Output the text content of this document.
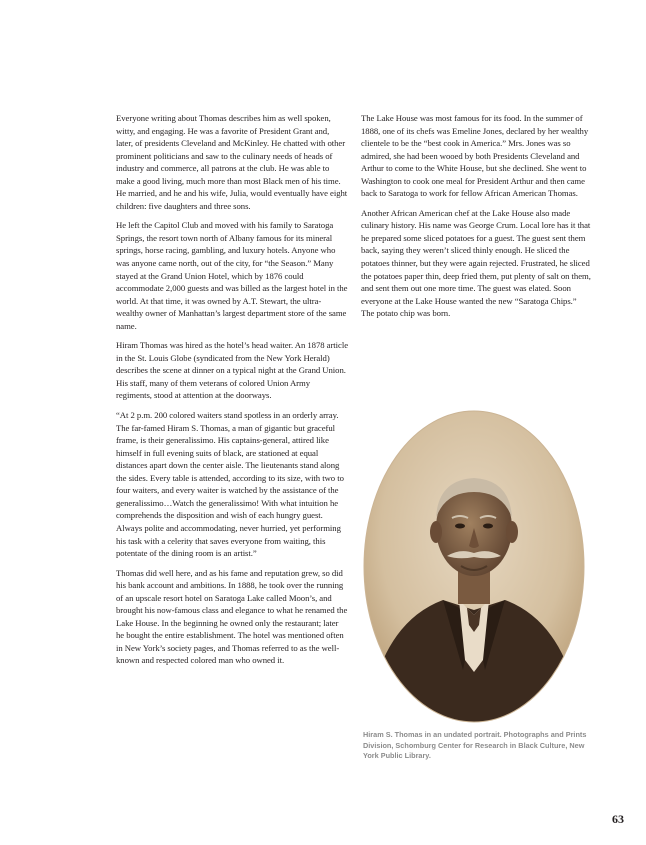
Everyone writing about Thomas describes him as well spoken, witty, and engaging. He was a favorite of President Grant and, later, of presidents Cleveland and McKinley. He chatted with other prominent politicians and saw to the culinary needs of heads of industry and commerce, all patrons at the club. He was able to make a good living, much more than most Black men of his time. He married, and he and his wife, Julia, would eventually have eight children: five daughters and three sons.

He left the Capitol Club and moved with his family to Saratoga Springs, the resort town north of Albany famous for its mineral springs, horse racing, gambling, and luxury hotels. Anyone who was anyone came north, out of the city, for “the Season.” Many stayed at the Grand Union Hotel, which by 1876 could accommodate 2,000 guests and was billed as the largest hotel in the world. At that time, it was owned by A.T. Stewart, the ultra-wealthy owner of Manhattan’s largest department store of the same name.

Hiram Thomas was hired as the hotel’s head waiter. An 1878 article in the St. Louis Globe (syndicated from the New York Herald) describes the scene at dinner on a typical night at the Grand Union. His staff, many of them veterans of colored Union Army regiments, stood at attention at the doorways.

“At 2 p.m. 200 colored waiters stand spotless in an orderly array. The far-famed Hiram S. Thomas, a man of gigantic but graceful frame, is their generalissimo. His captains-general, attired like himself in full evening suits of black, are stationed at equal distances apart down the center aisle. The lieutenants stand along the sides. Every table is attended, according to its size, with two to four waiters, and every waiter is watched by the assistance of the generalissimo…Watch the generalissimo! With what intuition he comprehends the disposition and wish of each hungry guest. Always polite and accommodating, never hurried, yet performing his task with a celerity that saves everyone from waiting, this potentate of the dining room is an artist.”

Thomas did well here, and as his fame and reputation grew, so did his bank account and ambitions. In 1888, he took over the running of an upscale resort hotel on Saratoga Lake called Moon’s, and brought his now-famous class and elegance to what he renamed the Lake House. In the beginning he owned only the restaurant; later he bought the entire establishment. The hotel was mentioned often in New York’s society pages, and Thomas referred to as the well-known and respected colored man who owned it.

The Lake House was most famous for its food. In the summer of 1888, one of its chefs was Emeline Jones, declared by her wealthy clientele to be the “best cook in America.” Mrs. Jones was so admired, she had been wooed by both Presidents Cleveland and Arthur to come to the White House, but she declined. She went to Washington to cook one meal for President Arthur and then came back to Saratoga to work for fellow African American Thomas.

Another African American chef at the Lake House also made culinary history. His name was George Crum. Local lore has it that he prepared some sliced potatoes for a guest. The guest sent them back, saying they weren’t sliced thinly enough. He sliced the potatoes thinner, but they were again rejected. Frustrated, he sliced the potatoes paper thin, deep fried them, put plenty of salt on them, and sent them out one more time. The guest was elated. Soon everyone at the Lake House wanted the new “Saratoga Chips.” The potato chip was born.

Hiram S. Thomas in an undated portrait. Photographs and Prints Division, Schomburg Center for Research in Black Culture, New York Public Library.
63
